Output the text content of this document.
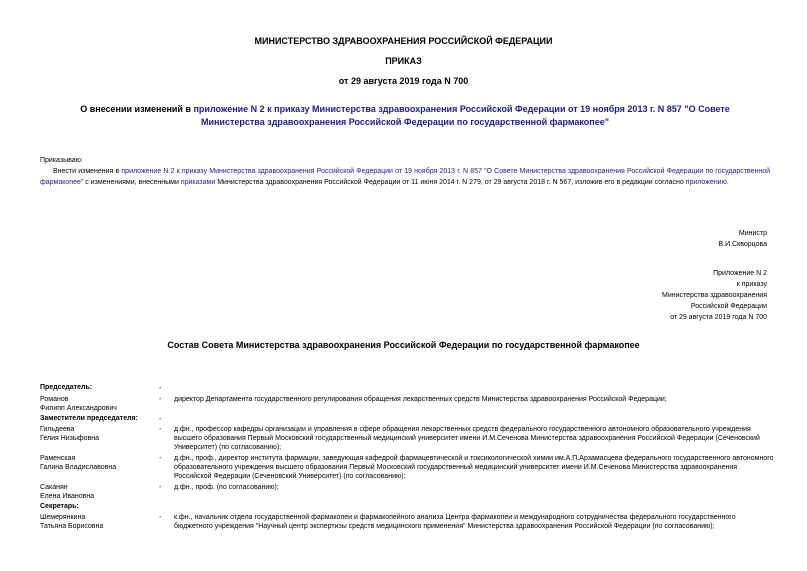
МИНИСТЕРСТВО ЗДРАВООХРАНЕНИЯ РОССИЙСКОЙ ФЕДЕРАЦИИ
ПРИКАЗ
от 29 августа 2019 года N 700
О внесении изменений в приложение N 2 к приказу Министерства здравоохранения Российской Федерации от 19 ноября 2013 г. N 857 "О Совете Министерства здравоохранения Российской Федерации по государственной фармакопее"
Приказываю:
Внести изменения в приложение N 2 к приказу Министерства здравоохранения Российской Федерации от 19 ноября 2013 г. N 857 "О Совете Министерства здравоохранения Российской Федерации по государственной фармакопее" с изменениями, внесенными приказами Министерства здравоохранения Российской Федерации от 11 июня 2014 г. N 279, от 29 августа 2018 г. N 567, изложив его в редакции согласно приложению.
Министр
В.И.Скворцова
Приложение N 2
к приказу
Министерства здравоохранения
Российской Федерации
от 29 августа 2019 года N 700
Состав Совета Министерства здравоохранения Российской Федерации по государственной фармакопее
Председатель:	-
Романов
Филипп Александрович
- директор Департамента государственного регулирования обращения лекарственных средств Министерства здравоохранения Российской Федерации;
Заместители председателя:	-
Гильдеева
Гелия Низыфовна
- д.фн., профессор кафедры организации и управления в сфере обращения лекарственных средств федерального государственного автономного образовательного учреждения высшего образования Первый Московский государственный медицинский университет имени И.М.Сеченова Министерства здравоохранения Российской Федерации (Сеченовский Университет) (по согласованию);
Раменская
Галина Владиславовна
- д.фн., проф., директор института фармации, заведующая кафедрой фармацевтической и токсикологической химии им.А.П.Арзамасцева федерального государственного автономного образовательного учреждения высшего образования Первый Московский государственный медицинский университет имени И.М.Сеченова Министерства здравоохранения Российской Федерации (Сеченовский Университет) (по согласованию);
Саканян
Елена Ивановна
- д.фн., проф. (по согласованию);
Секретарь:
Шемерянкина
Татьяна Борисовна
- к.фн., начальник отдела государственной фармакопеи и фармакопейного анализа Центра фармакопеи и международного сотрудничества федерального государственного бюджетного учреждения "Научный центр экспертизы средств медицинского применения" Министерства здравоохранения Российской Федерации (по согласованию);
